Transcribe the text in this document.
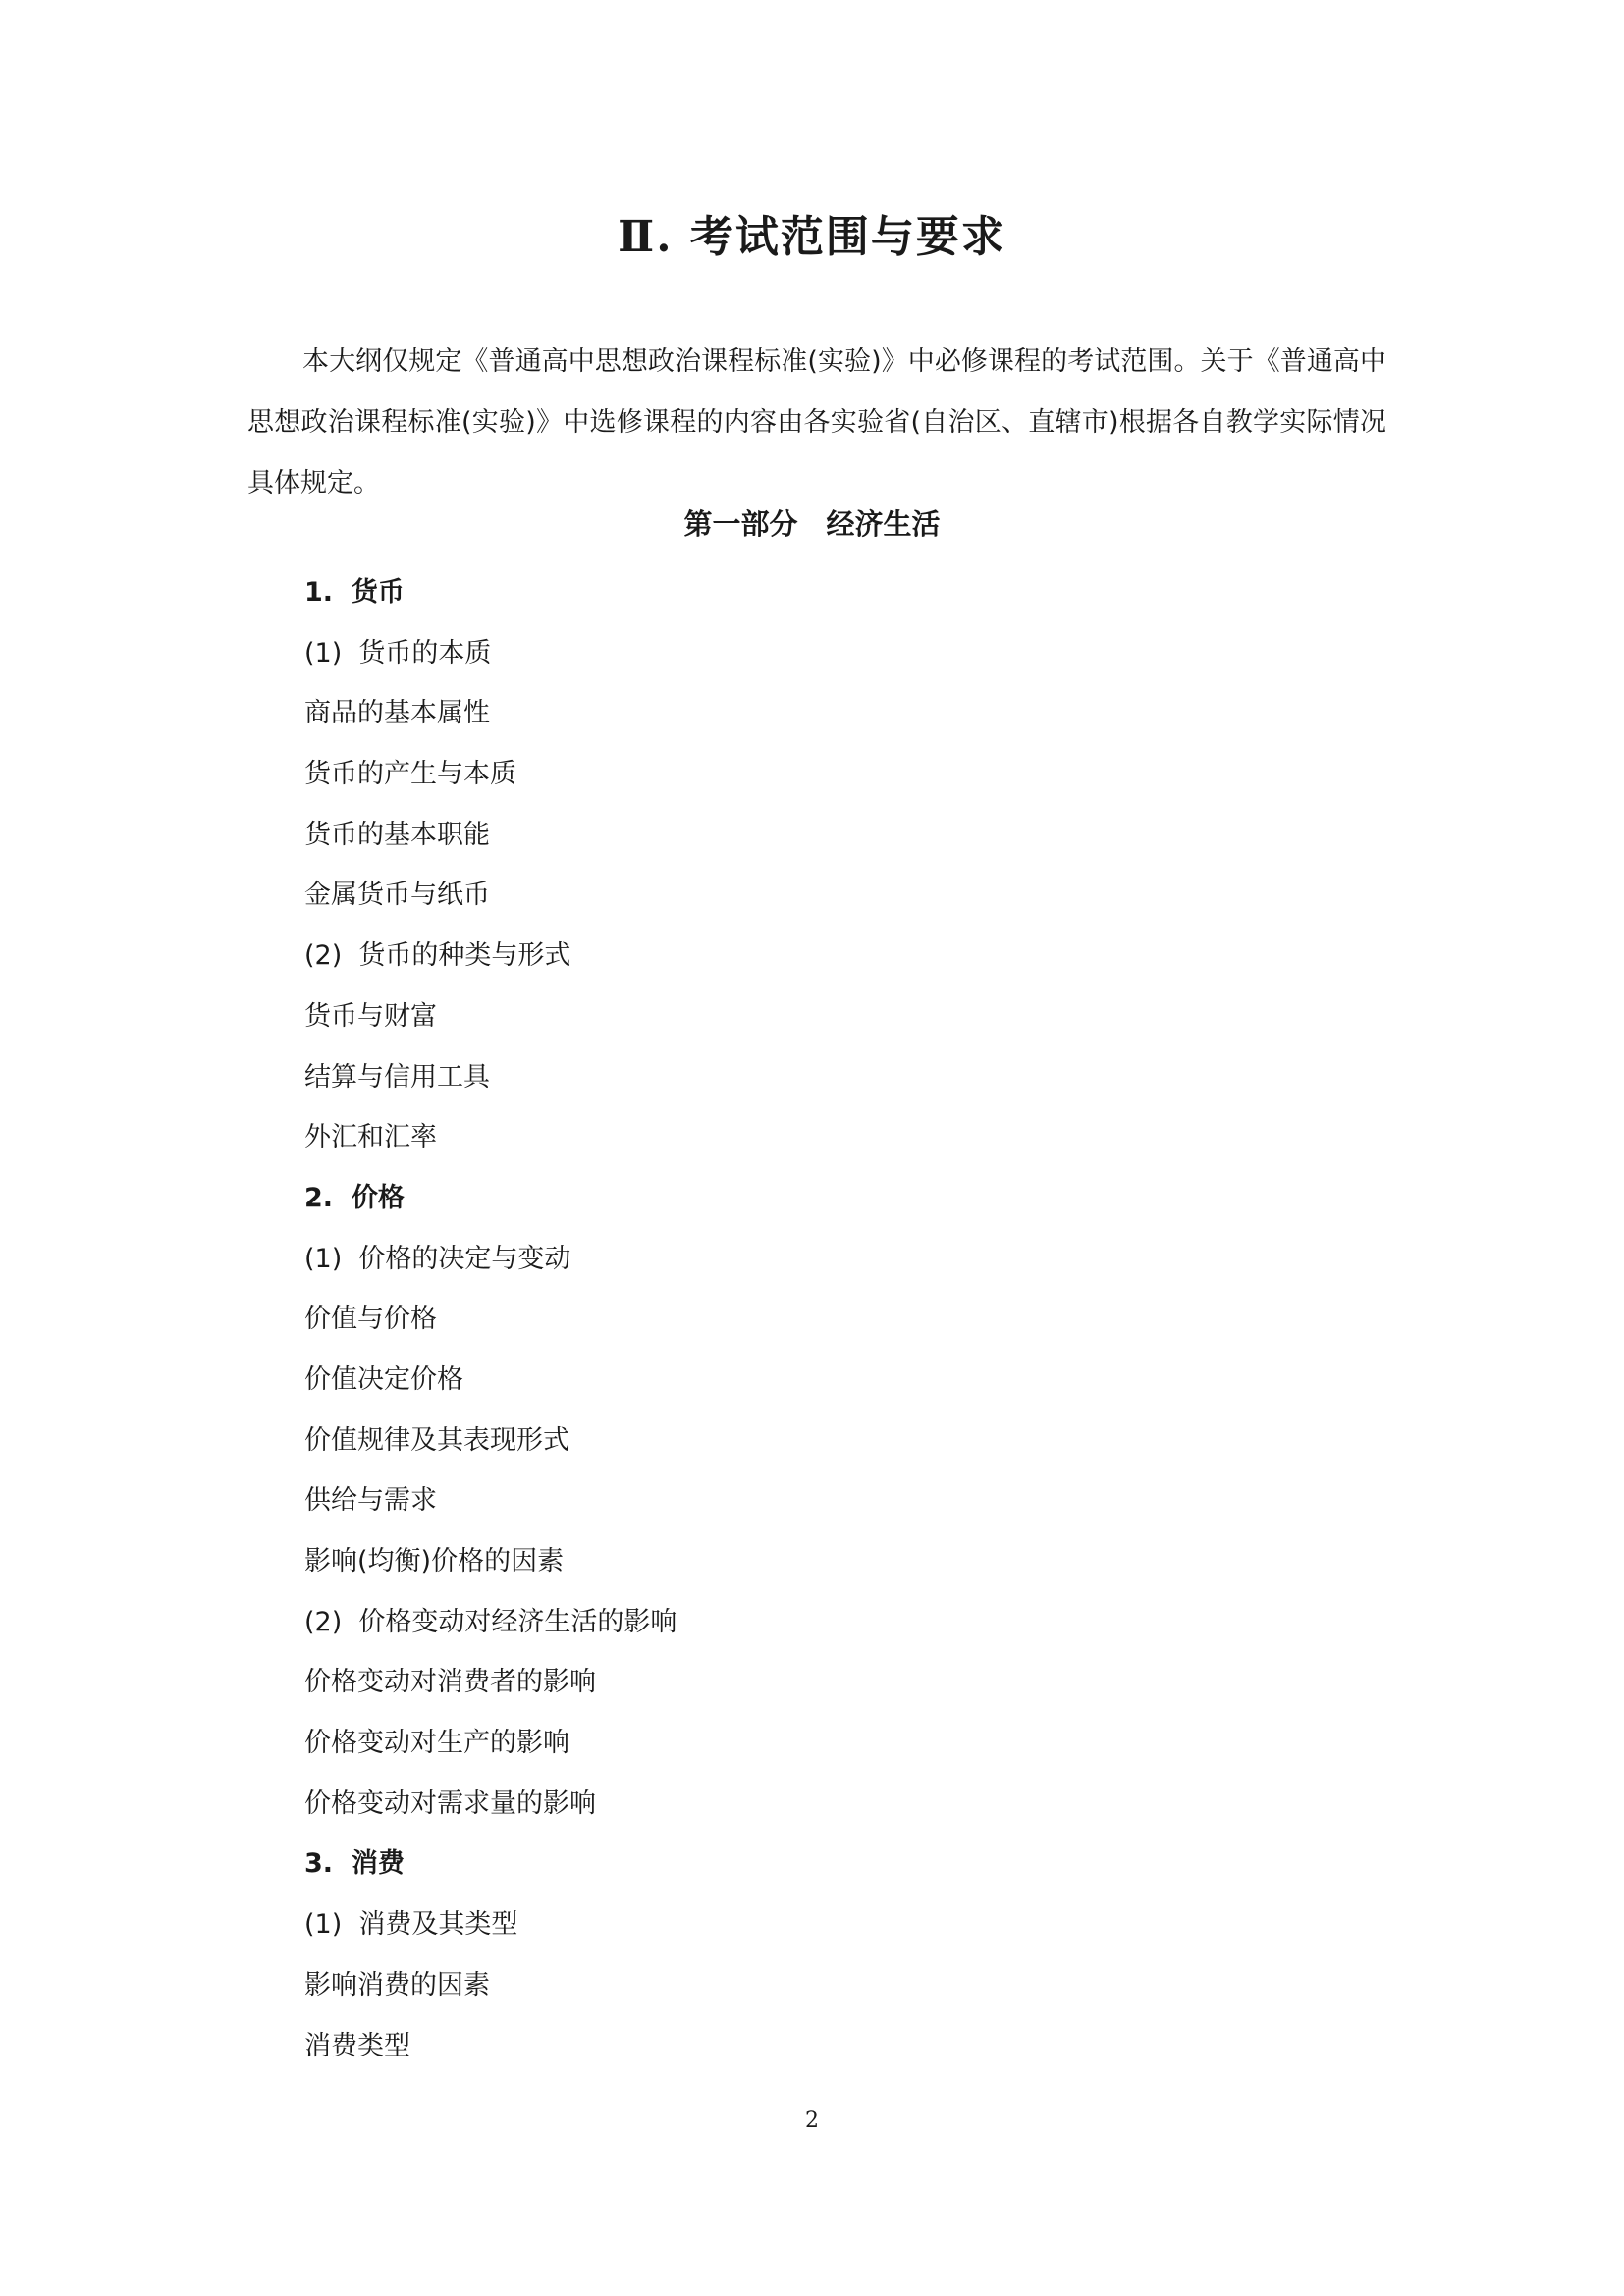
Ⅱ. 考试范围与要求

本大纲仅规定《普通高中思想政治课程标准(实验)》中必修课程的考试范围。关于《普通高中思想政治课程标准(实验)》中选修课程的内容由各实验省(自治区、直辖市)根据各自教学实际情况具体规定。

第一部分　经济生活
1.  货币
(1)  货币的本质
商品的基本属性
货币的产生与本质
货币的基本职能
金属货币与纸币
(2)  货币的种类与形式
货币与财富
结算与信用工具
外汇和汇率
2.  价格
(1)  价格的决定与变动
价值与价格
价值决定价格
价值规律及其表现形式
供给与需求
影响(均衡)价格的因素
(2)  价格变动对经济生活的影响
价格变动对消费者的影响
价格变动对生产的影响
价格变动对需求量的影响
3.  消费
(1)  消费及其类型
影响消费的因素
消费类型
2
